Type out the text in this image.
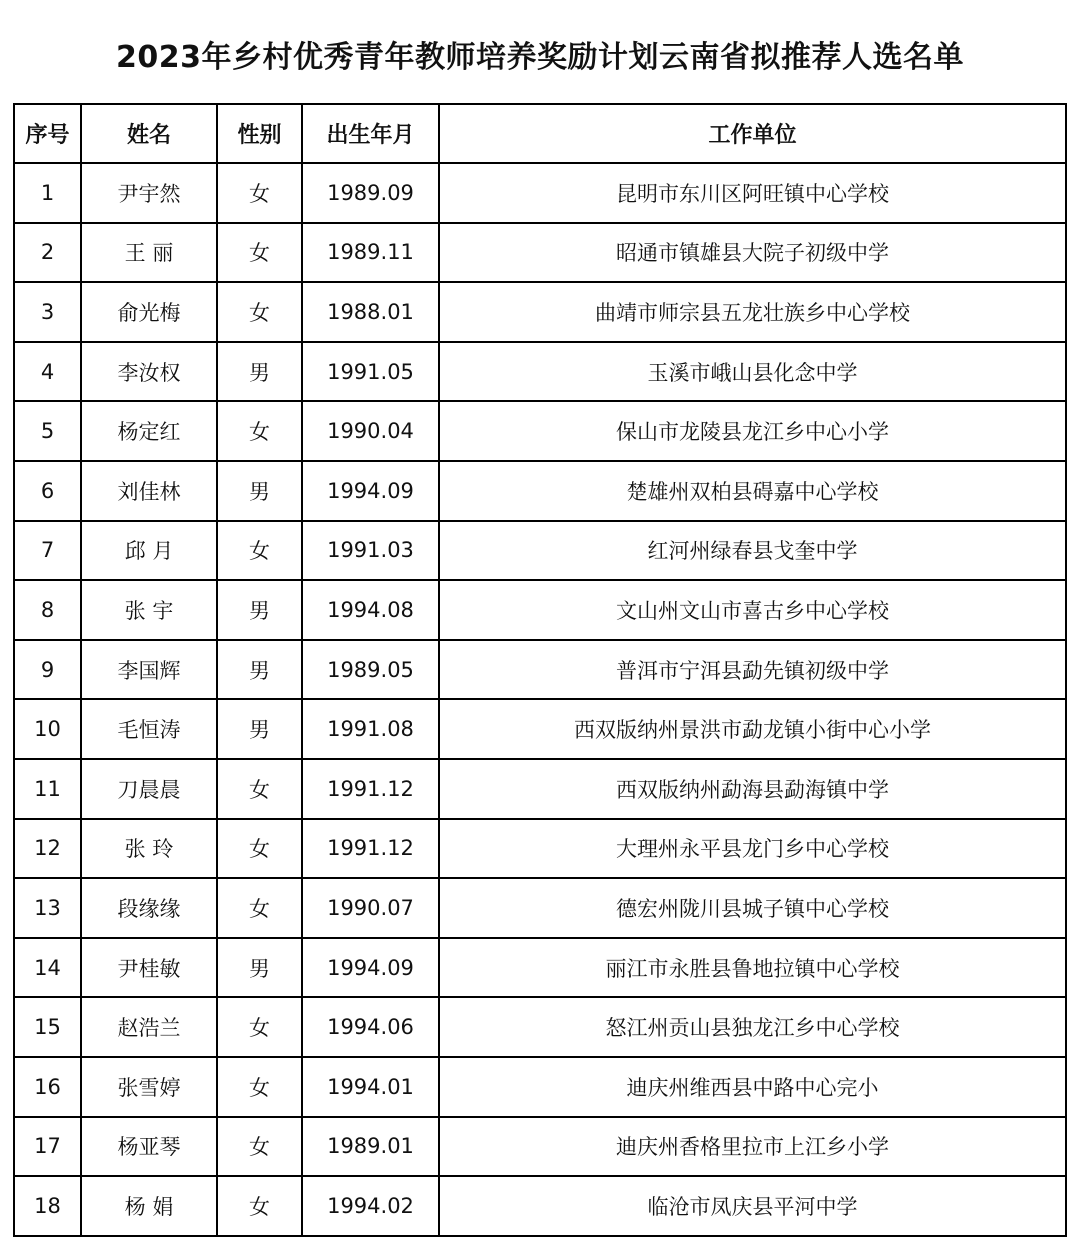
2023年乡村优秀青年教师培养奖励计划云南省拟推荐人选名单
序号	姓名	性别	出生年月	工作单位
1	尹宇然	女	1989.09	昆明市东川区阿旺镇中心学校
2	王 丽	女	1989.11	昭通市镇雄县大院子初级中学
3	俞光梅	女	1988.01	曲靖市师宗县五龙壮族乡中心学校
4	李汝权	男	1991.05	玉溪市峨山县化念中学
5	杨定红	女	1990.04	保山市龙陵县龙江乡中心小学
6	刘佳林	男	1994.09	楚雄州双柏县碍嘉中心学校
7	邱 月	女	1991.03	红河州绿春县戈奎中学
8	张 宇	男	1994.08	文山州文山市喜古乡中心学校
9	李国辉	男	1989.05	普洱市宁洱县勐先镇初级中学
10	毛恒涛	男	1991.08	西双版纳州景洪市勐龙镇小街中心小学
11	刀晨晨	女	1991.12	西双版纳州勐海县勐海镇中学
12	张 玲	女	1991.12	大理州永平县龙门乡中心学校
13	段缘缘	女	1990.07	德宏州陇川县城子镇中心学校
14	尹桂敏	男	1994.09	丽江市永胜县鲁地拉镇中心学校
15	赵浩兰	女	1994.06	怒江州贡山县独龙江乡中心学校
16	张雪婷	女	1994.01	迪庆州维西县中路中心完小
17	杨亚琴	女	1989.01	迪庆州香格里拉市上江乡小学
18	杨 娟	女	1994.02	临沧市凤庆县平河中学
